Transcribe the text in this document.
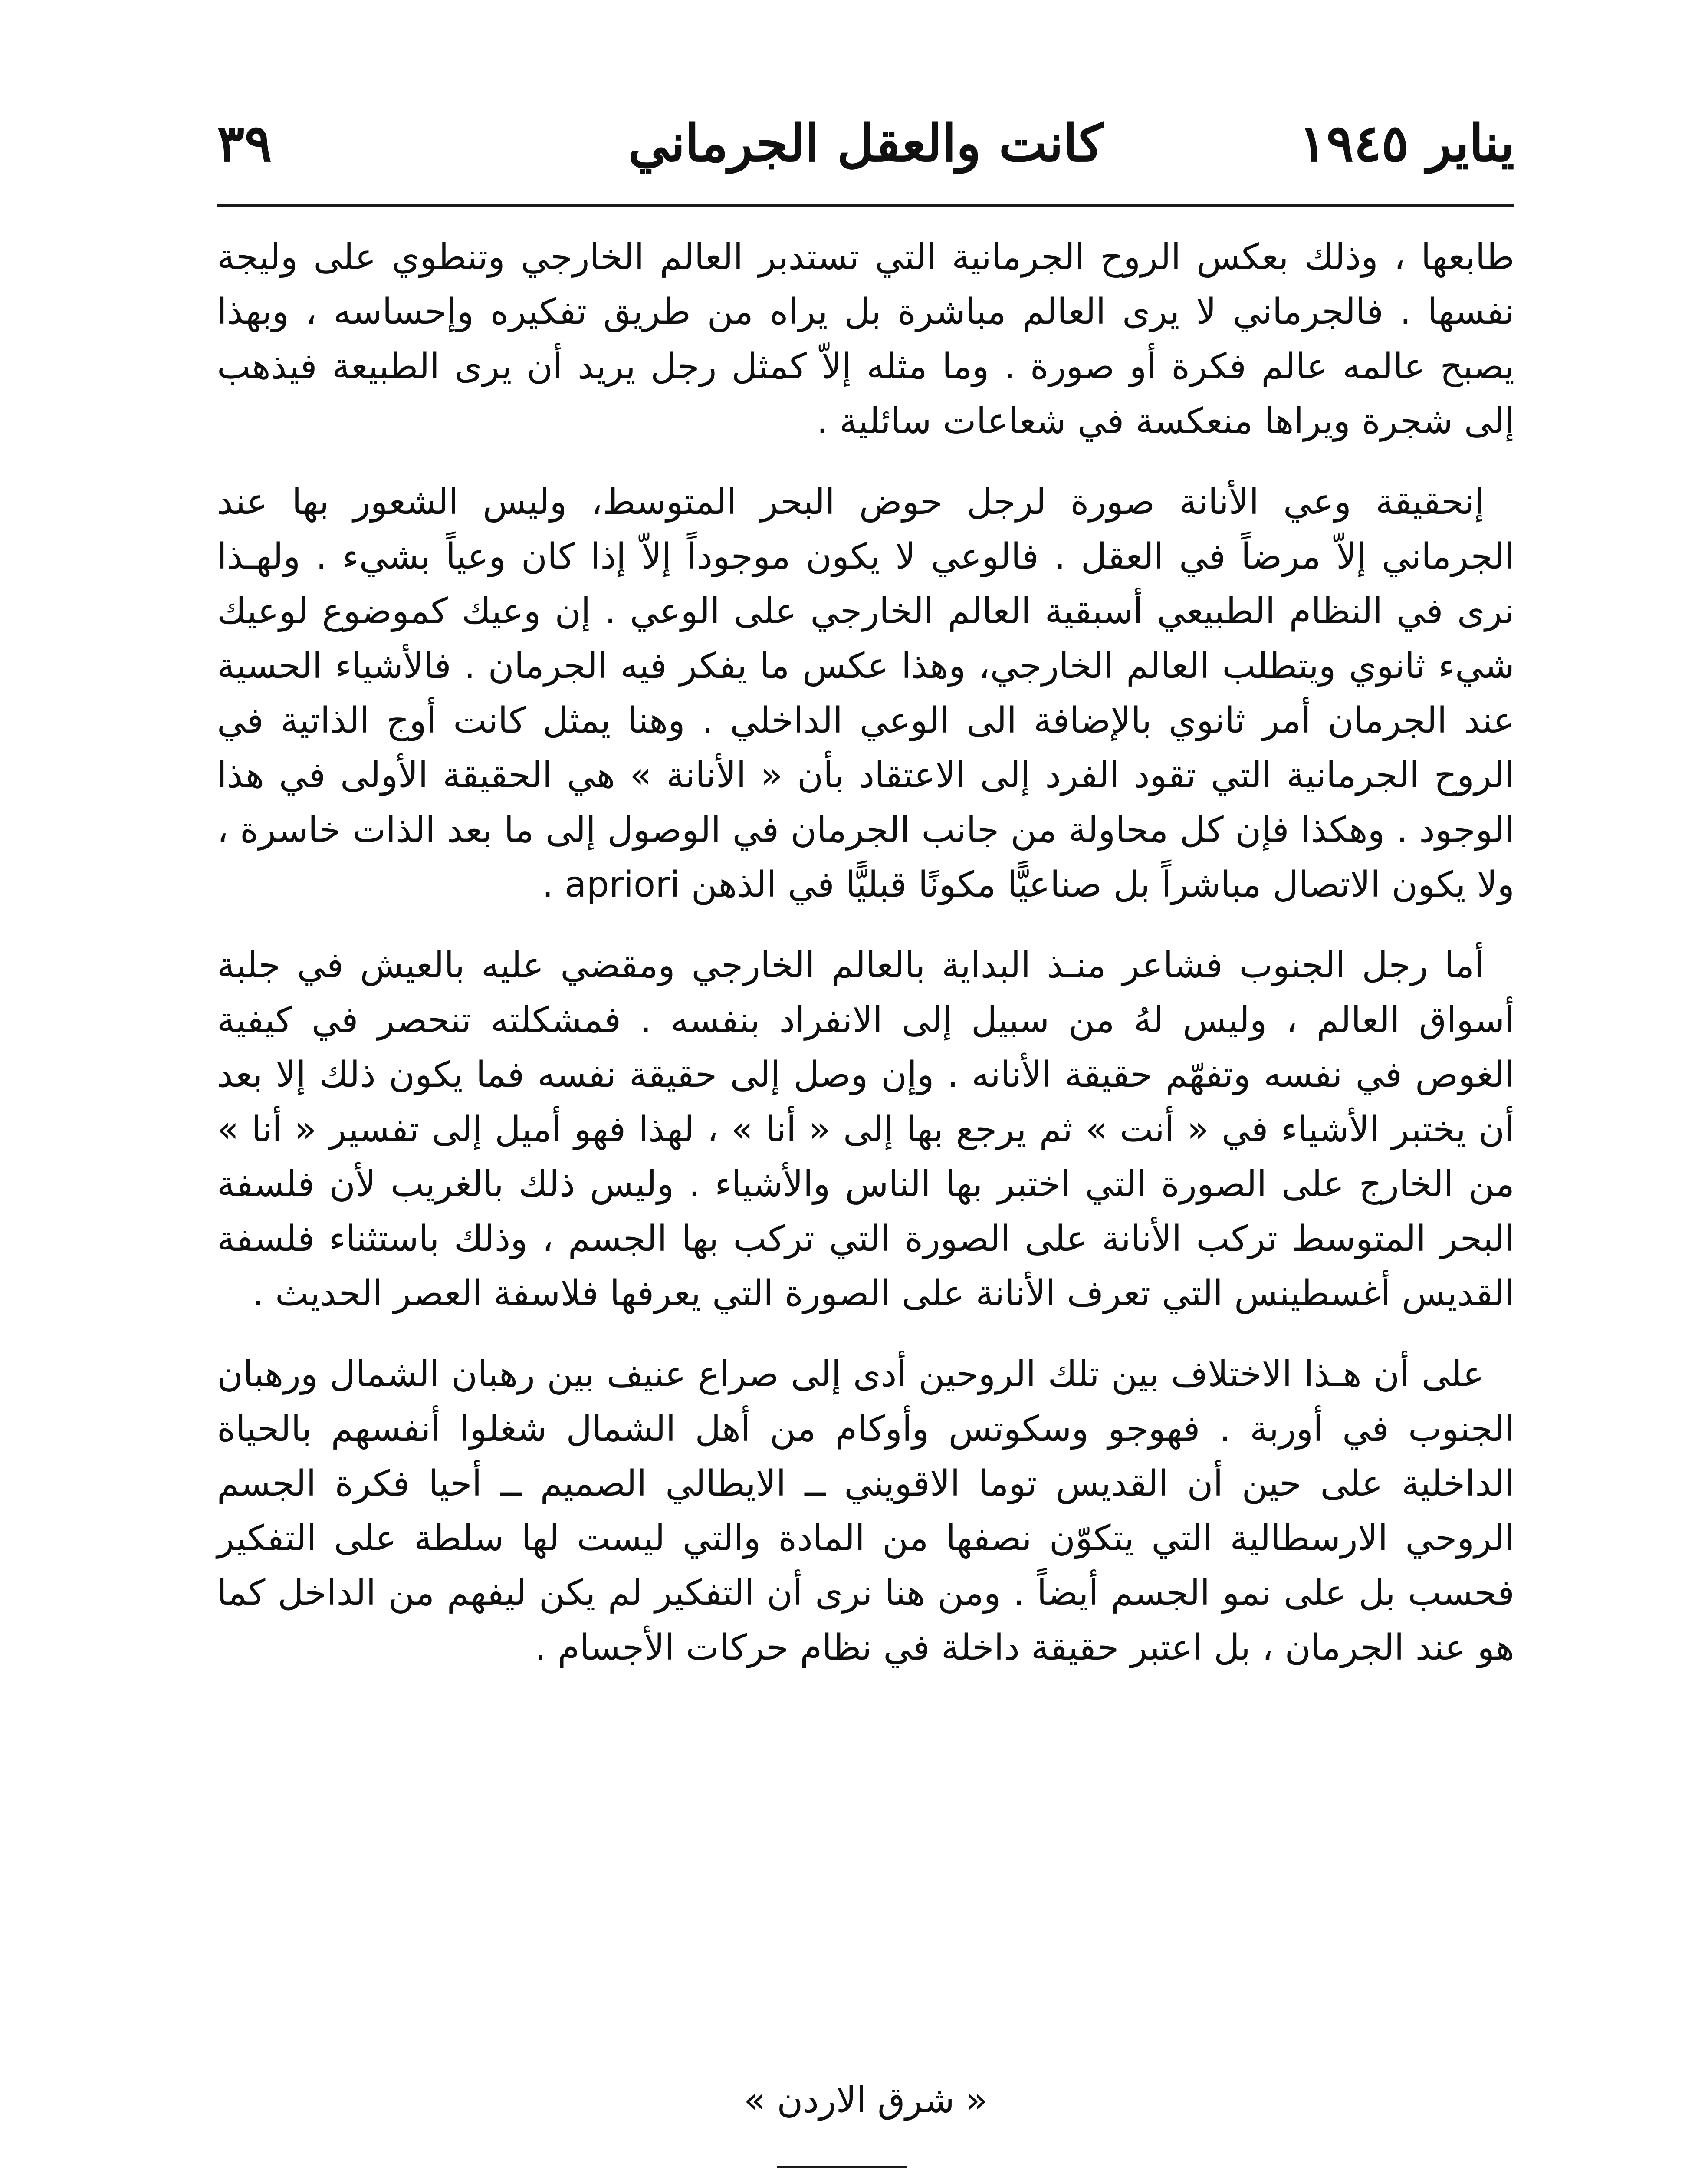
يناير ١٩٤٥
كانت والعقل الجرماني
٣٩

طابعها ، وذلك بعكس الروح الجرمانية التي تستدبر العالم الخارجي وتنطوي على وليجة نفسها . فالجرماني لا يرى العالم مباشرة بل يراه من طريق تفكيره وإحساسه ، وبهذا يصبح عالمه عالم فكرة أو صورة . وما مثله إلاّ كمثل رجل يريد أن يرى الطبيعة فيذهب إلى شجرة ويراها منعكسة في شعاعات سائلية .

إنحقيقة وعي الأنانة صورة لرجل حوض البحر المتوسط، وليس الشعور بها عند الجرماني إلاّ مرضاً في العقل . فالوعي لا يكون موجوداً إلاّ إذا كان وعياً بشيء . ولهـذا نرى في النظام الطبيعي أسبقية العالم الخارجي على الوعي . إن وعيك كموضوع لوعيك شيء ثانوي ويتطلب العالم الخارجي، وهذا عكس ما يفكر فيه الجرمان . فالأشياء الحسية عند الجرمان أمر ثانوي بالإضافة الى الوعي الداخلي . وهنا يمثل كانت أوج الذاتية في الروح الجرمانية التي تقود الفرد إلى الاعتقاد بأن « الأنانة » هي الحقيقة الأولى في هذا الوجود . وهكذا فإن كل محاولة من جانب الجرمان في الوصول إلى ما بعد الذات خاسرة ، ولا يكون الاتصال مباشراً بل صناعيًّا مكونًا قبليًّا في الذهن apriori .

أما رجل الجنوب فشاعر منـذ البداية بالعالم الخارجي ومقضي عليه بالعيش في جلبة أسواق العالم ، وليس لهُ من سبيل إلى الانفراد بنفسه . فمشكلته تنحصر في كيفية الغوص في نفسه وتفهّم حقيقة الأنانه . وإن وصل إلى حقيقة نفسه فما يكون ذلك إلا بعد أن يختبر الأشياء في « أنت » ثم يرجع بها إلى « أنا » ، لهذا فهو أميل إلى تفسير « أنا » من الخارج على الصورة التي اختبر بها الناس والأشياء . وليس ذلك بالغريب لأن فلسفة البحر المتوسط تركب الأنانة على الصورة التي تركب بها الجسم ، وذلك باستثناء فلسفة القديس أغسطينس التي تعرف الأنانة على الصورة التي يعرفها فلاسفة العصر الحديث .

على أن هـذا الاختلاف بين تلك الروحين أدى إلى صراع عنيف بين رهبان الشمال ورهبان الجنوب في أوربة . فهوجو وسكوتس وأوكام من أهل الشمال شغلوا أنفسهم بالحياة الداخلية على حين أن القديس توما الاقويني ــ الايطالي الصميم ــ أحيا فكرة الجسم الروحي الارسطالية التي يتكوّن نصفها من المادة والتي ليست لها سلطة على التفكير فحسب بل على نمو الجسم أيضاً . ومن هنا نرى أن التفكير لم يكن ليفهم من الداخل كما هو عند الجرمان ، بل اعتبر حقيقة داخلة في نظام حركات الأجسام .

« شرق الاردن »
